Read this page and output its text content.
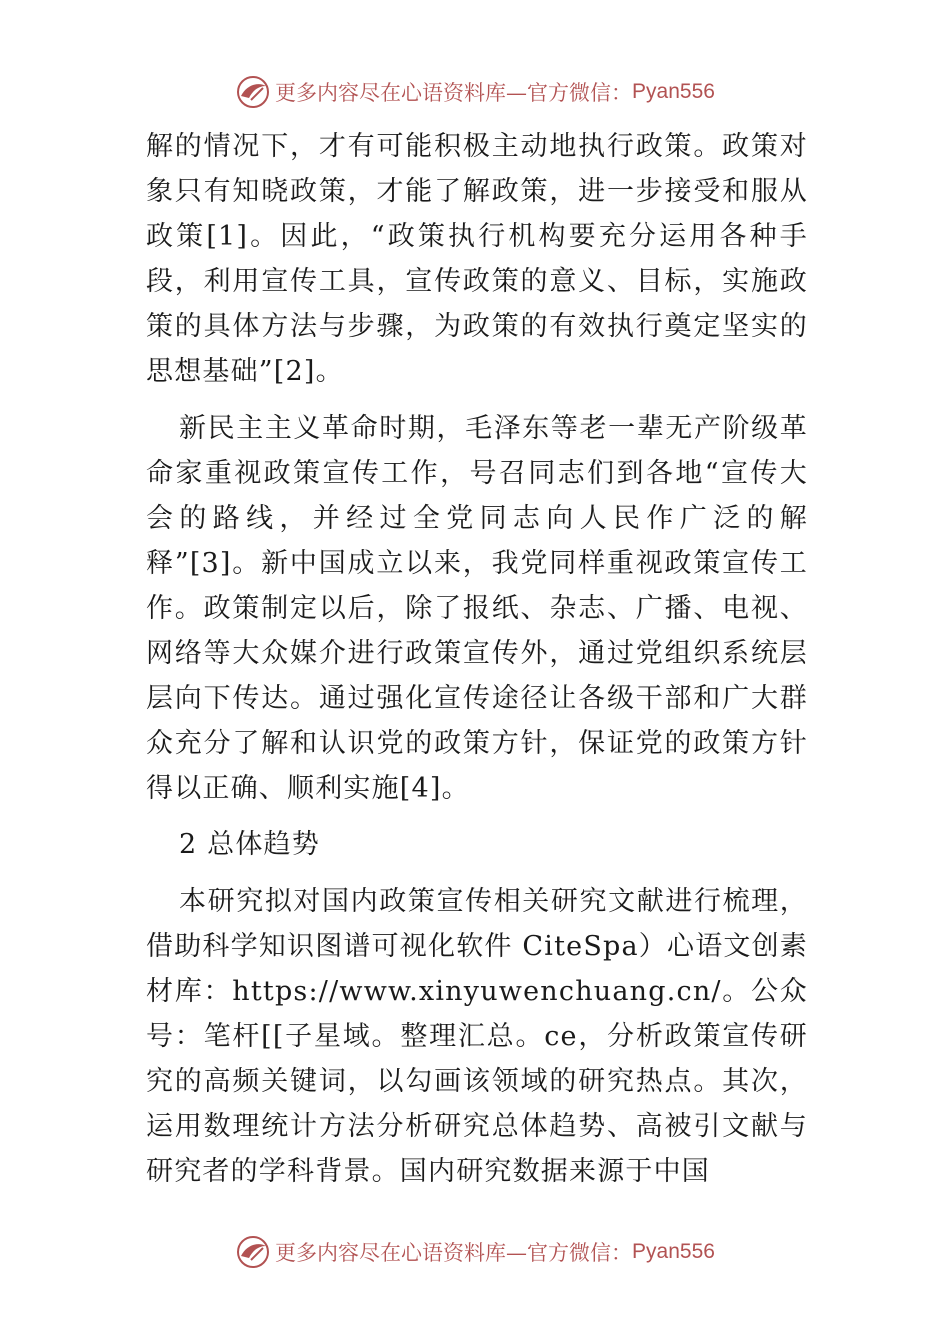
更多内容尽在心语资料库—官方微信： Pyan556

解的情况下，才有可能积极主动地执行政策。政策对象只有知晓政策，才能了解政策，进一步接受和服从政策[1]。因此，“政策执行机构要充分运用各种手段，利用宣传工具，宣传政策的意义、目标，实施政策的具体方法与步骤，为政策的有效执行奠定坚实的思想基础”[2]。

新民主主义革命时期，毛泽东等老一辈无产阶级革命家重视政策宣传工作，号召同志们到各地“宣传大会的路线，并经过全党同志向人民作广泛的解释”[3]。新中国成立以来，我党同样重视政策宣传工作。政策制定以后，除了报纸、杂志、广播、电视、网络等大众媒介进行政策宣传外，通过党组织系统层层向下传达。通过强化宣传途径让各级干部和广大群众充分了解和认识党的政策方针，保证党的政策方针得以正确、顺利实施[4]。

2 总体趋势

本研究拟对国内政策宣传相关研究文献进行梳理，借助科学知识图谱可视化软件 CiteSpa）心语文创素材库：https://www.xinyuwenchuang.cn/。公众号：笔杆[[子星域。整理汇总。ce，分析政策宣传研究的高频关键词，以勾画该领域的研究热点。其次，运用数理统计方法分析研究总体趋势、高被引文献与研究者的学科背景。国内研究数据来源于中国

更多内容尽在心语资料库—官方微信： Pyan556
